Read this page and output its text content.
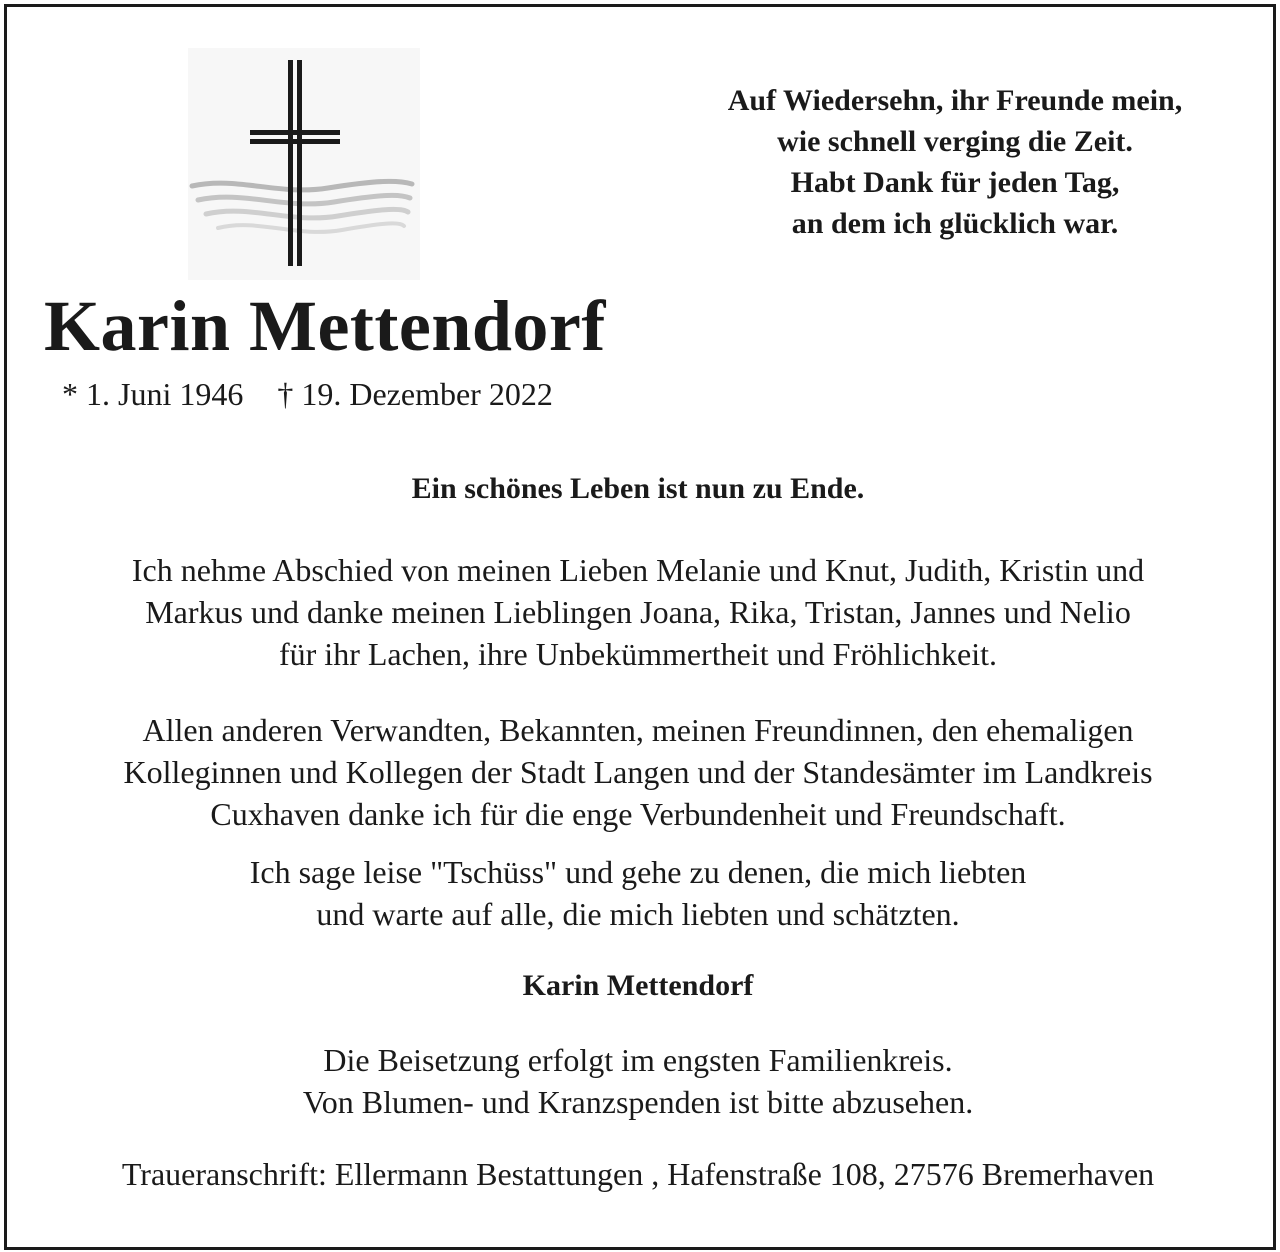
Auf Wiedersehn, ihr Freunde mein,
wie schnell verging die Zeit.
Habt Dank für jeden Tag,
an dem ich glücklich war.
Karin Mettendorf
* 1. Juni 1946 † 19. Dezember 2022
Ein schönes Leben ist nun zu Ende.
Ich nehme Abschied von meinen Lieben Melanie und Knut, Judith, Kristin und
Markus und danke meinen Lieblingen Joana, Rika, Tristan, Jannes und Nelio
für ihr Lachen, ihre Unbekümmertheit und Fröhlichkeit.
Allen anderen Verwandten, Bekannten, meinen Freundinnen, den ehemaligen
Kolleginnen und Kollegen der Stadt Langen und der Standesämter im Landkreis
Cuxhaven danke ich für die enge Verbundenheit und Freundschaft.
Ich sage leise "Tschüss" und gehe zu denen, die mich liebten
und warte auf alle, die mich liebten und schätzten.
Karin Mettendorf
Die Beisetzung erfolgt im engsten Familienkreis.
Von Blumen- und Kranzspenden ist bitte abzusehen.
Traueranschrift: Ellermann Bestattungen , Hafenstraße 108, 27576 Bremerhaven
